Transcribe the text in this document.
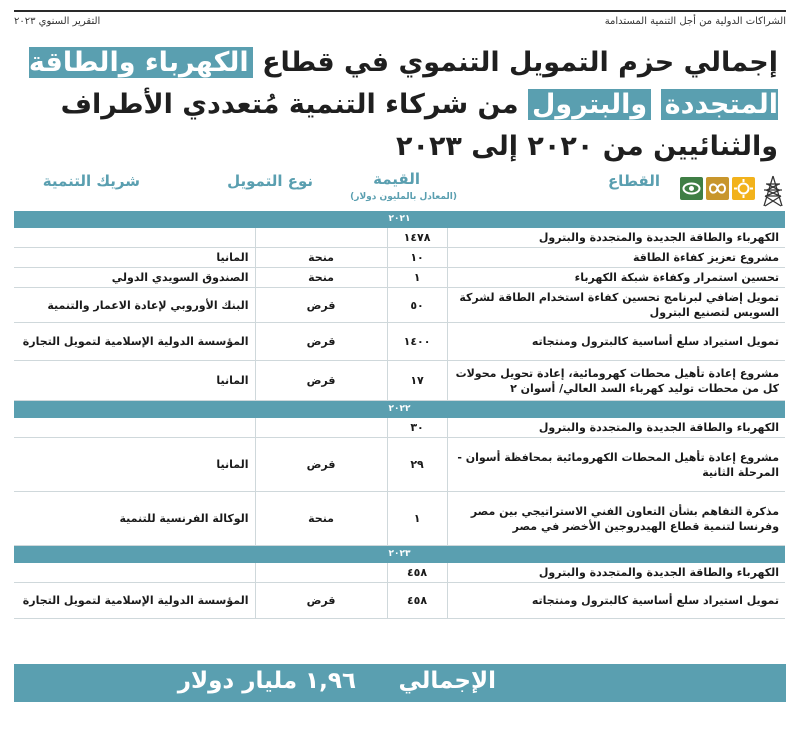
الشراكات الدولية من أجل التنمية المستدامة
التقرير السنوي ٢٠٢٣
إجمالي حزم التمويل التنموي في قطاع الكهرباء والطاقة المتجددة والبترول من شركاء التنمية مُتعددي الأطراف والثنائيين من ٢٠٢٠ إلى ٢٠٢٣
القطاع
القيمة
(المعادل بالمليون دولار)
نوع التمويل
شريك التنمية
٢٠٢١			
الكهرباء والطاقة الجديدة والمتجددة والبترول	١٤٧٨		
مشروع تعزيز كفاءة الطاقة	١٠	منحة	المانيا
تحسين استمرار وكفاءة شبكة الكهرباء	١	منحة	الصندوق السويدي الدولي
تمويل إضافي لبرنامج تحسين كفاءة استخدام الطاقة لشركة السويس لتصنيع البترول	٥٠	قرض	البنك الأوروبي لإعادة الاعمار والتنمية
تمويل استيراد سلع أساسية كالبترول ومنتجاته	١٤٠٠	قرض	المؤسسة الدولية الإسلامية لتمويل التجارة
مشروع إعادة تأهيل محطات كهرومائية، إعادة تحويل محولات كل من محطات توليد كهرباء السد العالي/ أسوان ٢	١٧	قرض	المانيا
٢٠٢٢			
الكهرباء والطاقة الجديدة والمتجددة والبترول	٣٠		
مشروع إعادة تأهيل المحطات الكهرومائية بمحافظة أسوان - المرحلة الثانية	٢٩	قرض	المانيا
مذكرة التفاهم بشأن التعاون الفني الاستراتيجي بين مصر وفرنسا لتنمية قطاع الهيدروجين الأخضر في مصر	١	منحة	الوكالة الفرنسية للتنمية
٢٠٢٣			
الكهرباء والطاقة الجديدة والمتجددة والبترول	٤٥٨		
تمويل استيراد سلع أساسية كالبترول ومنتجاته	٤٥٨	قرض	المؤسسة الدولية الإسلامية لتمويل التجارة
الإجمالي
١,٩٦ مليار دولار
